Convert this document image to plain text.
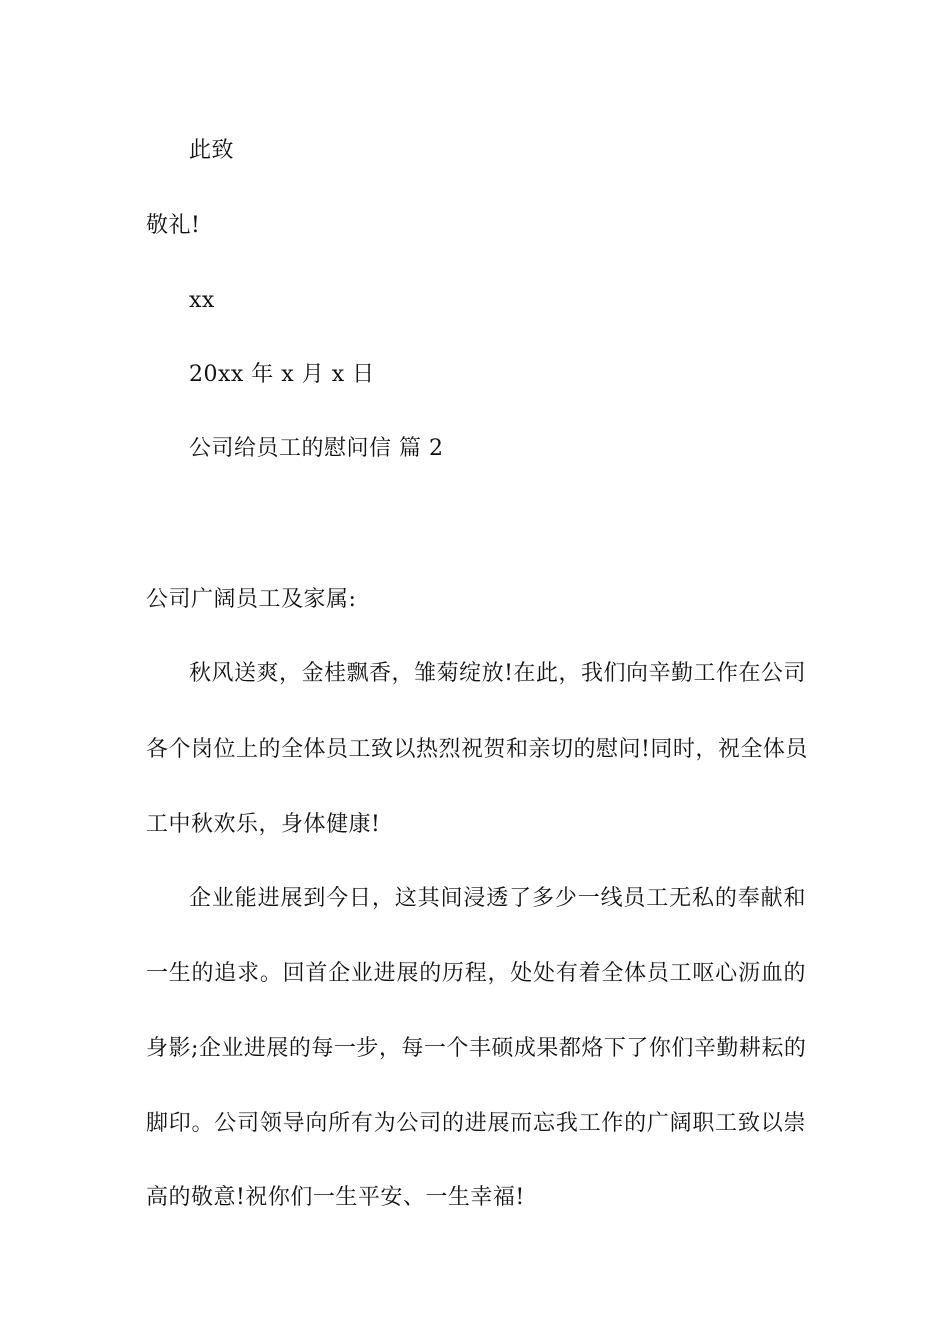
此致
敬礼!
xx
20xx 年 x 月 x 日
公司给员工的慰问信 篇 2
公司广阔员工及家属:
秋风送爽，金桂飘香，雏菊绽放!在此，我们向辛勤工作在公司
各个岗位上的全体员工致以热烈祝贺和亲切的慰问!同时，祝全体员
工中秋欢乐，身体健康!
企业能进展到今日，这其间浸透了多少一线员工无私的奉献和
一生的追求。回首企业进展的历程，处处有着全体员工呕心沥血的
身影;企业进展的每一步，每一个丰硕成果都烙下了你们辛勤耕耘的
脚印。公司领导向所有为公司的进展而忘我工作的广阔职工致以崇
高的敬意!祝你们一生平安、一生幸福!
